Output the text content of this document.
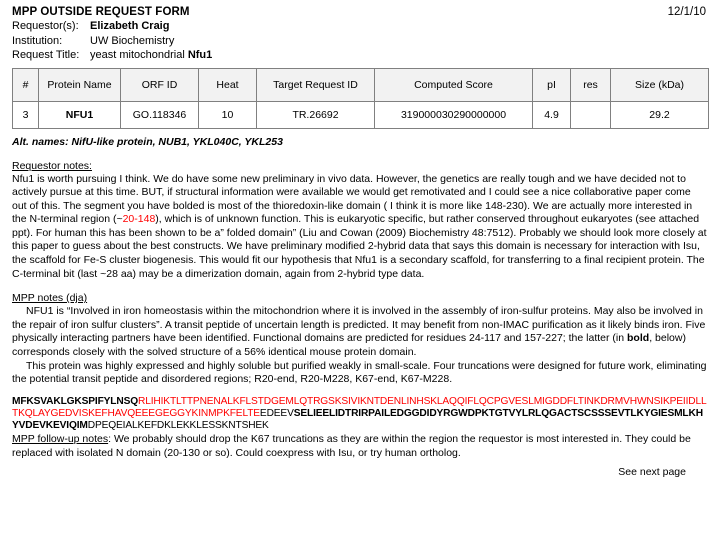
MPP OUTSIDE REQUEST FORM	12/1/10
Requestor(s):	Elizabeth Craig
Institution:	UW Biochemistry
Request Title: yeast mitochondrial Nfu1
#	Protein Name	ORF ID	Heat	Target Request ID	Computed Score	pI	res	Size (kDa)
3	NFU1	GO.118346	10	TR.26692	319000030290000000	4.9		29.2
Alt. names: NifU-like protein, NUB1, YKL040C, YKL253
Requestor notes:
Nfu1 is worth pursuing I think. We do have some new preliminary in vivo data. However, the genetics are really tough and we have decided not to actively pursue at this time. BUT, if structural information were available we would get remotivated and I could see a nice collaborative paper come out of this. The segment you have bolded is most of the thioredoxin-like domain ( I think it is more like 148-230). We are actually more interested in the N-terminal region (~20-148), which is of unknown function. This is eukaryotic specific, but rather conserved throughout eukaryotes (see attached ppt). For human this has been shown to be a” folded domain” (Liu and Cowan (2009) Biochemistry 48:7512). Probably we should look more closely at this paper to guess about the best constructs. We have preliminary modified 2-hybrid data that says this domain is necessary for interaction with Isu, the scaffold for Fe-S cluster biogenesis. This would fit our hypothesis that Nfu1 is a secondary scaffold, for transferring to a final recipient protein. The C-terminal bit (last ~28 aa) may be a dimerization domain, again from 2-hybrid type data.
MPP notes (dja)
NFU1 is “Involved in iron homeostasis within the mitochondrion where it is involved in the assembly of iron-sulfur proteins. May also be involved in the repair of iron sulfur clusters”. A transit peptide of uncertain length is predicted. It may benefit from non-IMAC purification as it likely binds iron. Five physically interacting partners have been identified. Functional domains are predicted for residues 24-117 and 157-227; the latter (in bold, below) corresponds closely with the solved structure of a 56% identical mouse protein domain.
This protein was highly expressed and highly soluble but purified weakly in small-scale. Four truncations were designed for future work, eliminating the potential transit peptide and disordered regions; R20-end, R20-M228, K67-end, K67-M228.
MFKSVAKLGKSPIFYLNSQRLIHIKTLTTPNENALKFLSTDGEMLQTRGSKSIVIKNTDENLINHSKLAQQIFLQCPGVESLMIGDDFLTINKDRMVHWNSIKPEIIDLLTKQLAYGEDVISKEFHAVQEEEGEGGYKINMPKFELTEEDEEVSELIEELIDTRIRPAILEDGGDIDYRGWDPKTGTVYLRLQGACTSCSSSEVTLKYGIESMLKHYVDEVKEVIQIMDPEQEIALKEFDKLEKKLESSKNTSHEK
MPP follow-up notes: We probably should drop the K67 truncations as they are within the region the requestor is most interested in. They could be replaced with isolated N domain (20-130 or so). Could coexpress with Isu, or try human ortholog.
See next page
